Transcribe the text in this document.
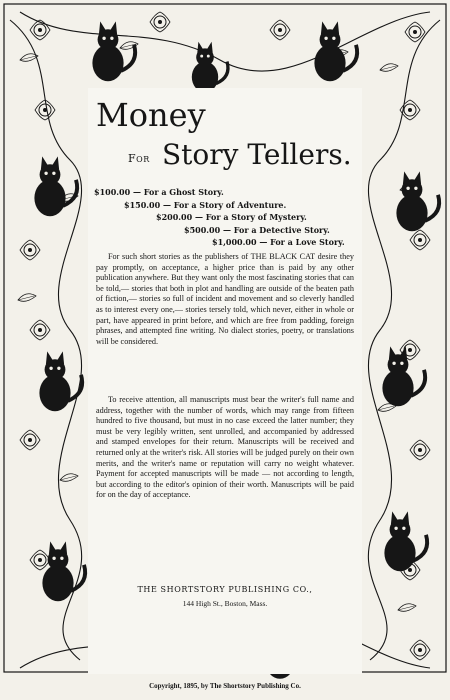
Money
For Story Tellers.
$100.00 — For a Ghost Story.
$150.00 — For a Story of Adventure.
$200.00 — For a Story of Mystery.
$500.00 — For a Detective Story.
$1,000.00 — For a Love Story.

For such short stories as the publishers of THE BLACK CAT desire they pay promptly, on acceptance, a higher price than is paid by any other publication anywhere. But they want only the most fascinating stories that can be told,— stories that both in plot and handling are outside of the beaten path of fiction,— stories so full of incident and movement and so cleverly handled as to interest every one,— stories tersely told, which never, either in whole or part, have appeared in print before, and which are free from padding, foreign phrases, and attempted fine writing. No dialect stories, poetry, or translations will be considered.

To receive attention, all manuscripts must bear the writer's full name and address, together with the number of words, which may range from fifteen hundred to five thousand, but must in no case exceed the latter number; they must be very legibly written, sent unrolled, and accompanied by addressed and stamped envelopes for their return. Manuscripts will be received and returned only at the writer's risk. All stories will be judged purely on their own merits, and the writer's name or reputation will carry no weight whatever. Payment for accepted manuscripts will be made — not according to length, but according to the editor's opinion of their worth. Manuscripts will be paid for on the day of acceptance.

THE SHORTSTORY PUBLISHING CO.,
144 High St., Boston, Mass.
Copyright, 1895, by The Shortstory Publishing Co.
